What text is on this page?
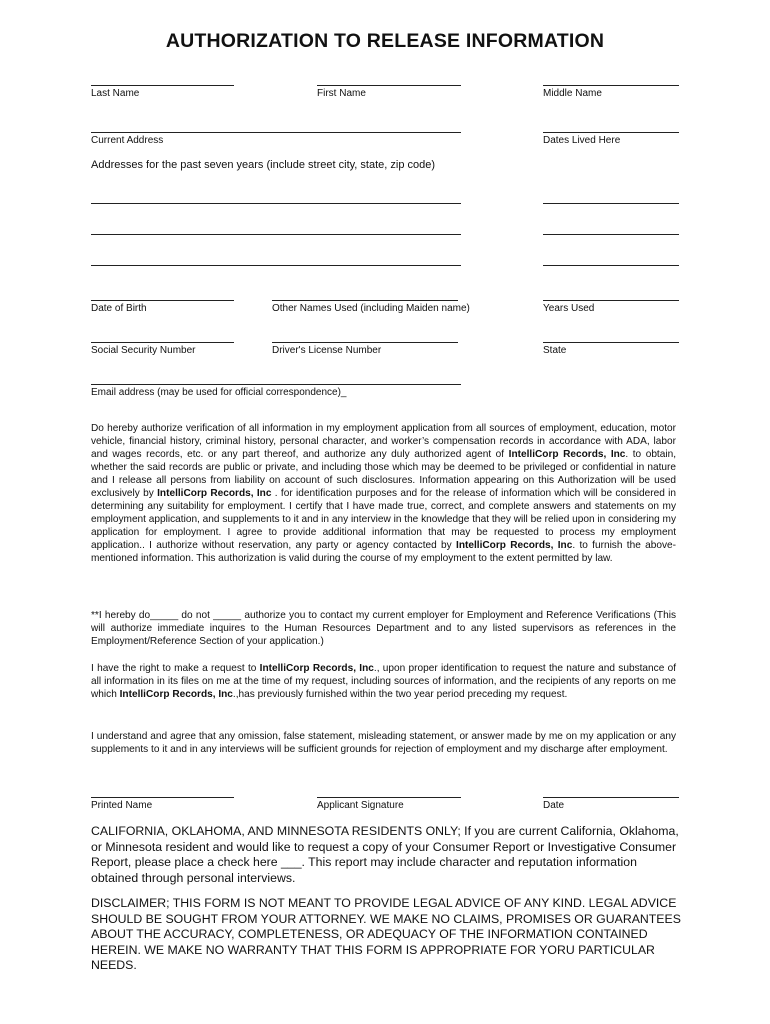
AUTHORIZATION TO RELEASE INFORMATION
Last Name	First Name	Middle Name
Current Address	Dates Lived Here
Addresses for the past seven years (include street city, state, zip code)
Date of Birth	Other Names Used (including Maiden name)	Years Used
Social Security Number	Driver's License Number	State
Email address (may be used for official correspondence)_
Do hereby authorize verification of all information in my employment application from all sources of employment, education, motor vehicle, financial history, criminal history, personal character, and worker’s compensation records in accordance with ADA, labor and wages records, etc. or any part thereof, and authorize any duly authorized agent of IntelliCorp Records, Inc. to obtain, whether the said records are public or private, and including those which may be deemed to be privileged or confidential in nature and I release all persons from liability on account of such disclosures. Information appearing on this Authorization will be used exclusively by IntelliCorp Records, Inc . for identification purposes and for the release of information which will be considered in determining any suitability for employment. I certify that I have made true, correct, and complete answers and statements on my employment application, and supplements to it and in any interview in the knowledge that they will be relied upon in considering my application for employment. I agree to provide additional information that may be requested to process my employment application.. I authorize without reservation, any party or agency contacted by IntelliCorp Records, Inc. to furnish the above-mentioned information. This authorization is valid during the course of my employment to the extent permitted by law.
**I hereby do_____ do not _____ authorize you to contact my current employer for Employment and Reference Verifications (This will authorize immediate inquires to the Human Resources Department and to any listed supervisors as references in the Employment/Reference Section of your application.)
I have the right to make a request to IntelliCorp Records, Inc., upon proper identification to request the nature and substance of all information in its files on me at the time of my request, including sources of information, and the recipients of any reports on me which IntelliCorp Records, Inc.,has previously furnished within the two year period preceding my request.
I understand and agree that any omission, false statement, misleading statement, or answer made by me on my application or any supplements to it and in any interviews will be sufficient grounds for rejection of employment and my discharge after employment.
Printed Name	Applicant Signature	Date
CALIFORNIA, OKLAHOMA, AND MINNESOTA RESIDENTS ONLY; If you are current California, Oklahoma, or Minnesota resident and would like to request a copy of your Consumer Report or Investigative Consumer Report, please place a check here ___. This report may include character and reputation information obtained through personal interviews.
DISCLAIMER; THIS FORM IS NOT MEANT TO PROVIDE LEGAL ADVICE OF ANY KIND. LEGAL ADVICE SHOULD BE SOUGHT FROM YOUR ATTORNEY. WE MAKE NO CLAIMS, PROMISES OR GUARANTEES ABOUT THE ACCURACY, COMPLETENESS, OR ADEQUACY OF THE INFORMATION CONTAINED HEREIN. WE MAKE NO WARRANTY THAT THIS FORM IS APPROPRIATE FOR YORU PARTICULAR NEEDS.
